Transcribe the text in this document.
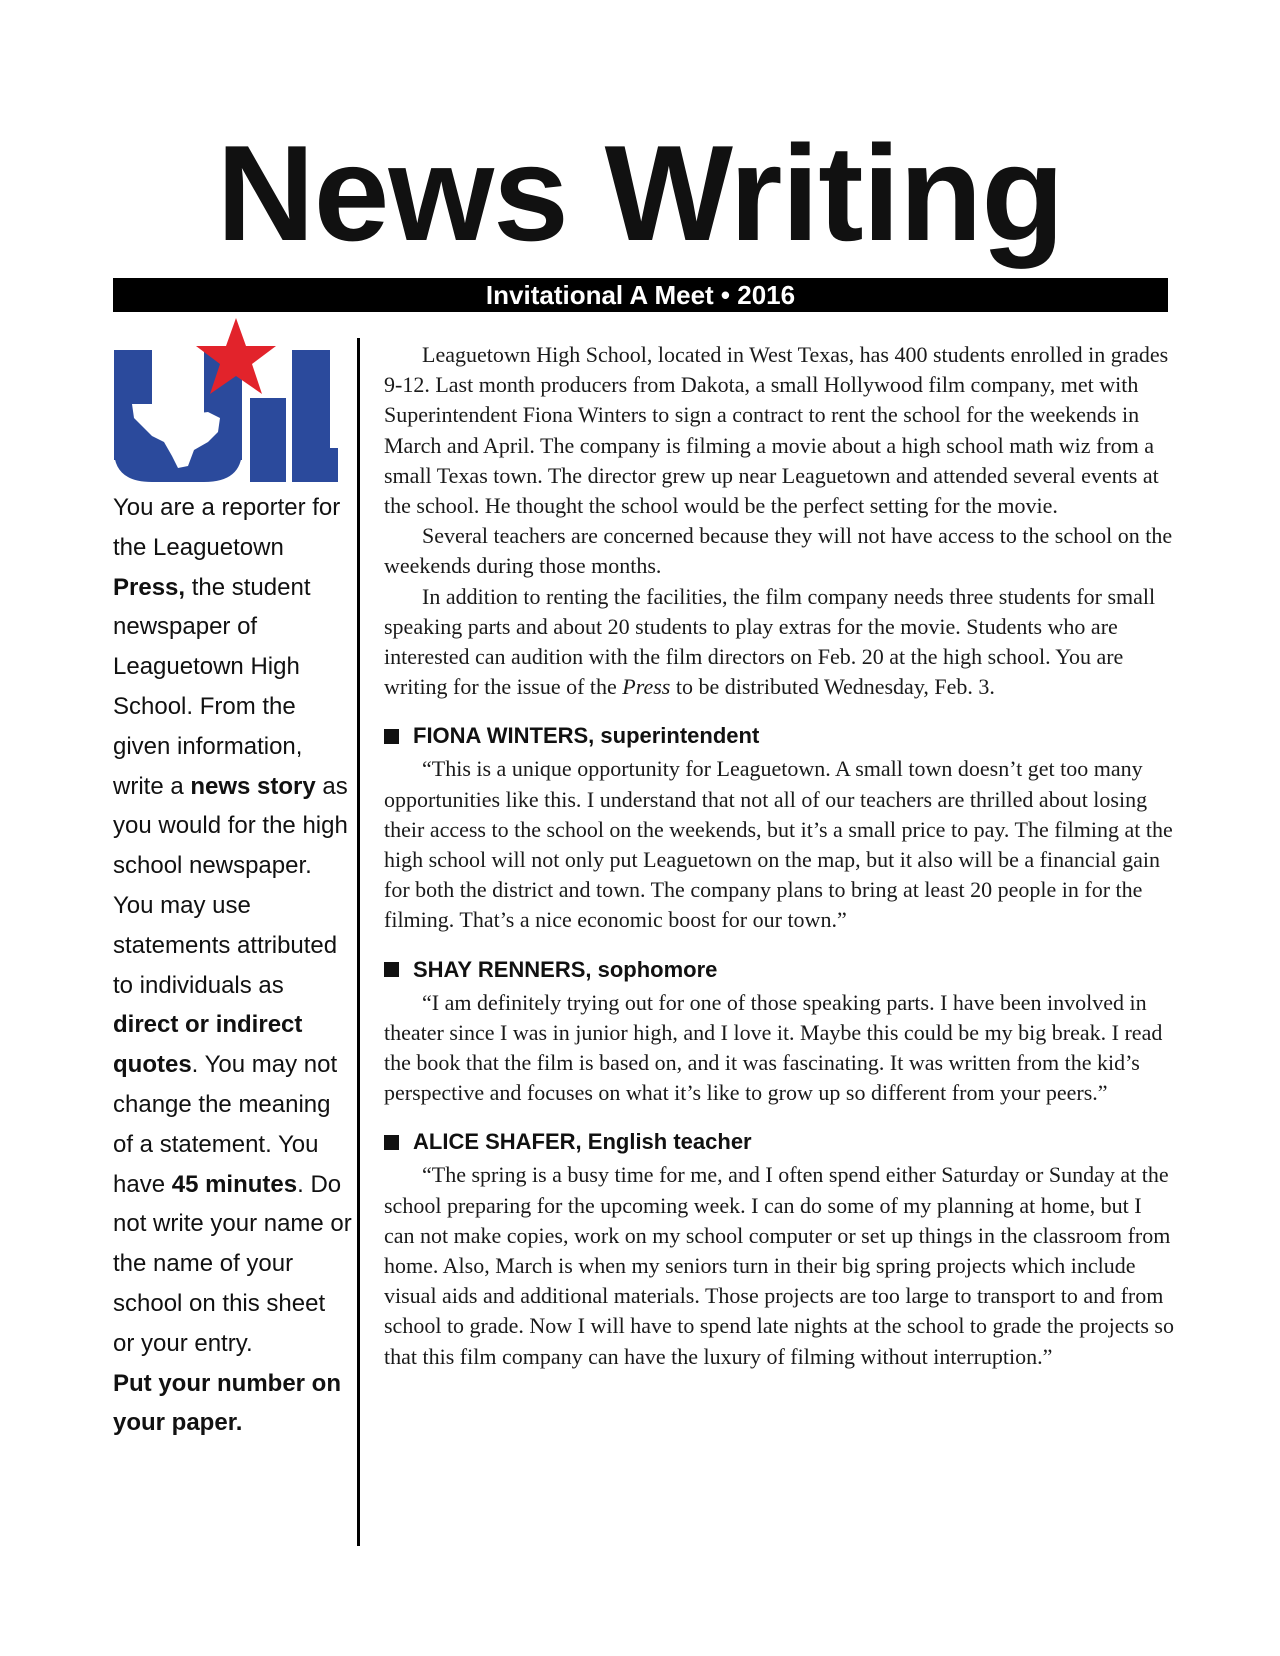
News Writing
Invitational A Meet • 2016

You are a reporter for the Leaguetown
Press, the student newspaper of Leaguetown High School. From the given information, write a news story as you would for the high school newspaper. You may use statements attributed to individuals as direct or indirect quotes. You may not change the meaning of a statement. You have 45 minutes. Do not write your name or the name of your school on this sheet or your entry.
Put your number on your paper.

Leaguetown High School, located in West Texas, has 400 students enrolled in grades 9-12. Last month producers from Dakota, a small Hollywood film company, met with Superintendent Fiona Winters to sign a contract to rent the school for the weekends in March and April. The company is filming a movie about a high school math wiz from a small Texas town. The director grew up near Leaguetown and attended several events at the school. He thought the school would be the perfect setting for the movie.

Several teachers are concerned because they will not have access to the school on the weekends during those months.

In addition to renting the facilities, the film company needs three students for small speaking parts and about 20 students to play extras for the movie. Students who are interested can audition with the film directors on Feb. 20 at the high school. You are writing for the issue of the Press to be distributed Wednesday, Feb. 3.

FIONA WINTERS, superintendent

“This is a unique opportunity for Leaguetown. A small town doesn’t get too many opportunities like this. I understand that not all of our teachers are thrilled about losing their access to the school on the weekends, but it’s a small price to pay. The filming at the high school will not only put Leaguetown on the map, but it also will be a financial gain for both the district and town. The company plans to bring at least 20 people in for the filming. That’s a nice economic boost for our town.”

SHAY RENNERS, sophomore

“I am definitely trying out for one of those speaking parts. I have been involved in theater since I was in junior high, and I love it. Maybe this could be my big break. I read the book that the film is based on, and it was fascinating. It was written from the kid’s perspective and focuses on what it’s like to grow up so different from your peers.”

ALICE SHAFER, English teacher

“The spring is a busy time for me, and I often spend either Saturday or Sunday at the school preparing for the upcoming week. I can do some of my planning at home, but I can not make copies, work on my school computer or set up things in the classroom from home. Also, March is when my seniors turn in their big spring projects which include visual aids and additional materials. Those projects are too large to transport to and from school to grade. Now I will have to spend late nights at the school to grade the projects so that this film company can have the luxury of filming without interruption.”
